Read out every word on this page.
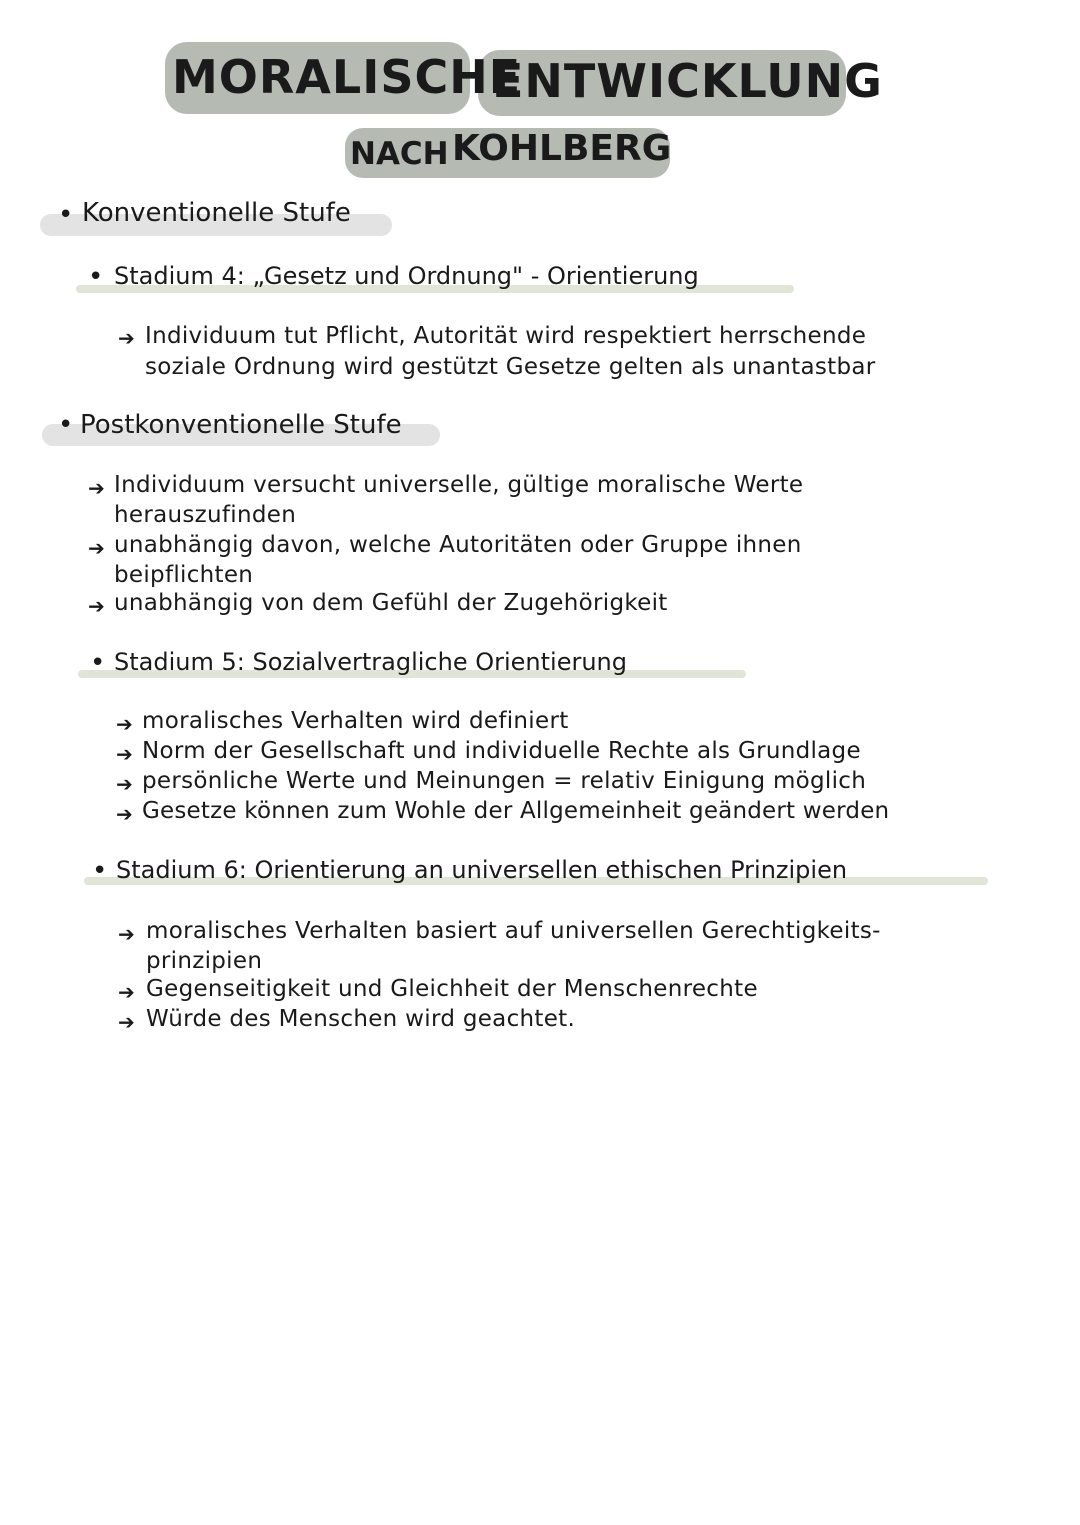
MORALISCHE
ENTWICKLUNG
NACH KOHLBERG
• Konventionelle Stufe
• Stadium 4: „Gesetz und Ordnung" - Orientierung
➔ Individuum tut Pflicht, Autorität wird respektiert herrschende
soziale Ordnung wird gestützt Gesetze gelten als unantastbar
• Postkonventionelle Stufe
➔ Individuum versucht universelle, gültige moralische Werte
herauszufinden
➔ unabhängig davon, welche Autoritäten oder Gruppe ihnen
beipflichten
➔ unabhängig von dem Gefühl der Zugehörigkeit
• Stadium 5: Sozialvertragliche Orientierung
➔ moralisches Verhalten wird definiert
➔ Norm der Gesellschaft und individuelle Rechte als Grundlage
➔ persönliche Werte und Meinungen = relativ Einigung möglich
➔ Gesetze können zum Wohle der Allgemeinheit geändert werden
• Stadium 6: Orientierung an universellen ethischen Prinzipien
➔ moralisches Verhalten basiert auf universellen Gerechtigkeits-
prinzipien
➔ Gegenseitigkeit und Gleichheit der Menschenrechte
➔ Würde des Menschen wird geachtet.
